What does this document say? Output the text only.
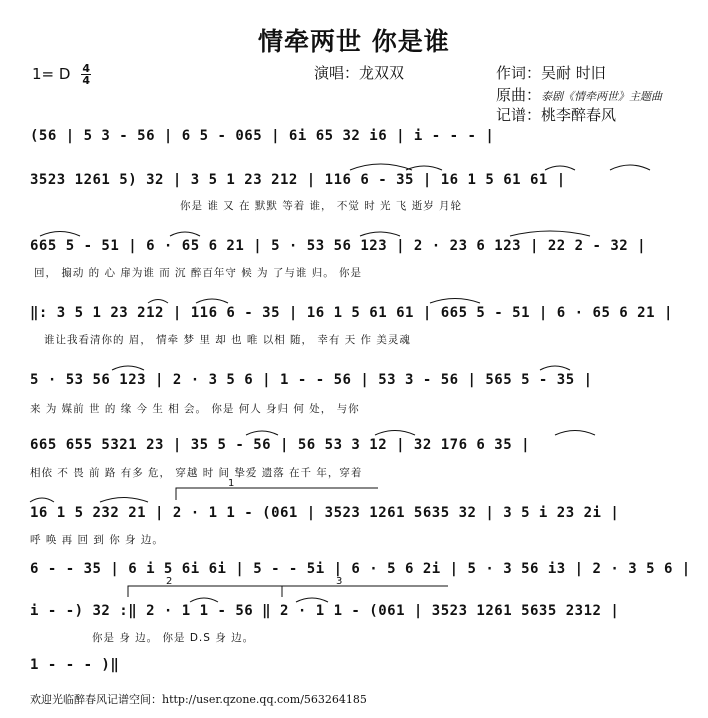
情牵两世 你是谁
1= D $\frac{4}{4}$	演唱：龙双双	作词：吴耐 时旧
原曲：泰剧《情牵两世》主题曲
记谱：桃李醉春风
(56 | 5 3 - 56 | 6 5 - 065 | 6i 65 32 i6 | i - - - |
3523 1261 5) 32 | 3 5 1 23 212 | 116 6 - 35 | 16 1 5 61 61 |
你是 谁 又 在 默默 等着 谁， 不觉 时 光 飞 逝岁 月轮
665 5 - 51 | 6 · 65 6 21 | 5 · 53 56 123 | 2 · 23 6 123 | 22 2 - 32 |
回， 搧动 的 心 扉为谁 而 沉 醉百年守 候 为 了与谁 归。 你是
‖: 3 5 1 23 212 | 116 6 - 35 | 16 1 5 61 61 | 665 5 - 51 | 6 · 65 6 21 |
谁让我看清你的 眉， 情牵 梦 里 却 也 唯 以相 随， 幸有 天 作 美灵魂
5 · 53 56 123 | 2 · 3 5 6 | 1 - - 56 | 53 3 - 56 | 565 5 - 35 |
来 为 媒前 世 的 缘 今 生 相 会。 你是 何人 身归 何 处， 与你
665 655 5321 23 | 35 5 - 56 | 56 53 3 12 | 32 176 6 35 |
相依 不 畏 前 路 有多 危， 穿越 时 间 挚爱 遗落 在千 年，穿着
16 1 5 232 21 | 2 · 1 1 - (061 | 3523 1261 5635 32 | 3 5 i 23 2i |
呼 唤 再 回 到 你 身 边。
6 - - 35 | 6 i 5 6i 6i | 5 - - 5i | 6 · 5 6 2i | 5 · 3 56 i3 | 2 · 3 5 6 |
i - -) 32 :‖ 2 · 1 1 - 56 ‖ 2 · 1 1 - (061 | 3523 1261 5635 2312 |
你是 身 边。 你是 D.S 身 边。
1 - - - )‖
1
2	3
欢迎光临醉春风记谱空间：http://user.qzone.qq.com/563264185
